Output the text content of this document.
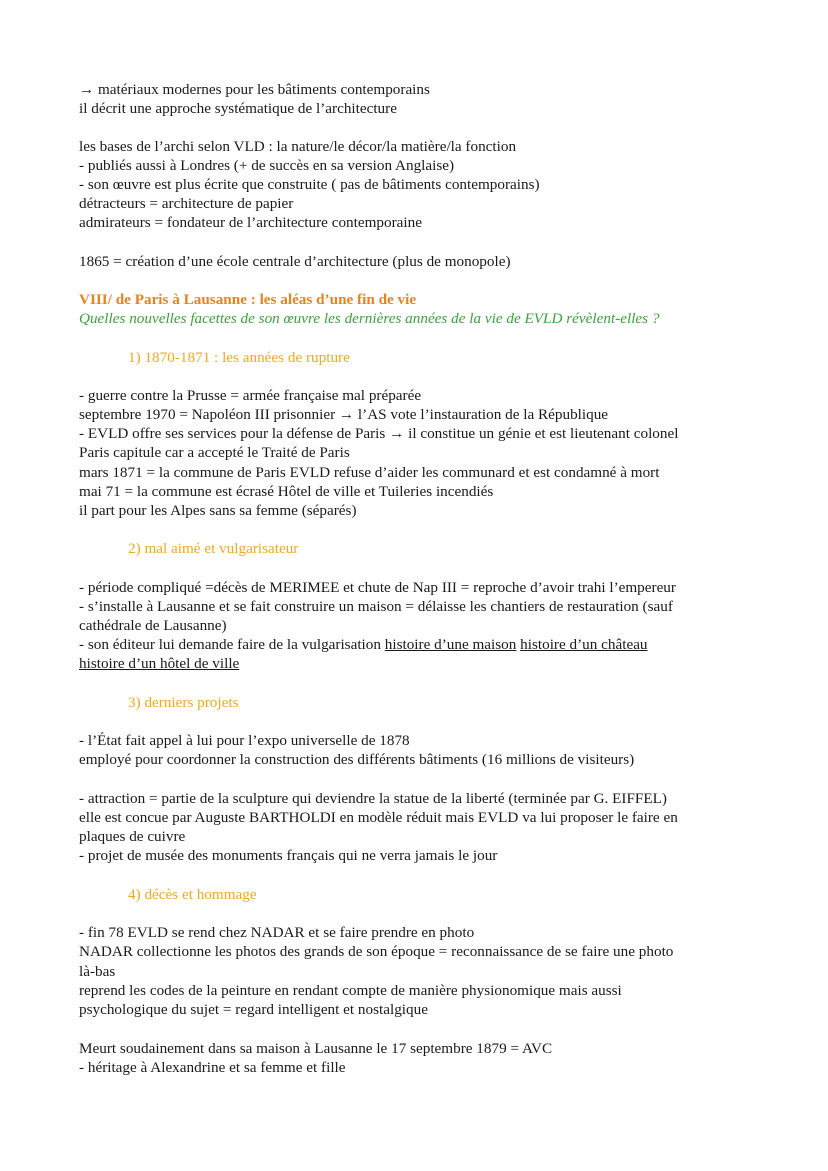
→ matériaux modernes pour les bâtiments contemporains
il décrit une approche systématique de l’architecture
les bases de l’archi selon VLD : la nature/le décor/la matière/la fonction
- publiés aussi à Londres (+ de succès en sa version Anglaise)
- son œuvre est plus écrite que construite ( pas de bâtiments contemporains)
détracteurs = architecture de papier
admirateurs = fondateur de l’architecture contemporaine
1865 = création d’une école centrale d’architecture (plus de monopole)
VIII/ de Paris à Lausanne : les aléas d’une fin de vie
Quelles nouvelles facettes de son œuvre les dernières années de la vie de EVLD révèlent-elles ?
1) 1870-1871 : les années de rupture
- guerre contre la Prusse = armée française mal préparée
septembre 1970 = Napoléon III prisonnier → l’AS vote l’instauration de la République
- EVLD offre ses services pour la défense de Paris → il constitue un génie et est lieutenant colonel
Paris capitule car a accepté le Traité de Paris
mars 1871 = la commune de Paris EVLD refuse d’aider les communard et est condamné à mort
mai 71 = la commune est écrasé Hôtel de ville et Tuileries incendiés
il part pour les Alpes sans sa femme (séparés)
2) mal aimé et vulgarisateur
- période compliqué =décès de MERIMEE et chute de Nap III = reproche d’avoir trahi l’empereur
- s’installe à Lausanne et se fait construire un maison = délaisse les chantiers de restauration (sauf
cathédrale de Lausanne)
- son éditeur lui demande faire de la vulgarisation histoire d’une maison histoire d’un château
histoire d’un hôtel de ville
3) derniers projets
- l’État fait appel à lui pour l’expo universelle de 1878
employé pour coordonner la construction des différents bâtiments (16 millions de visiteurs)
- attraction = partie de la sculpture qui deviendre la statue de la liberté (terminée par G. EIFFEL)
elle est concue par Auguste BARTHOLDI en modèle réduit mais EVLD va lui proposer le faire en
plaques de cuivre
- projet de musée des monuments français qui ne verra jamais le jour
4) décès et hommage
- fin 78 EVLD se rend chez NADAR et se faire prendre en photo
NADAR collectionne les photos des grands de son époque = reconnaissance de se faire une photo
là-bas
reprend les codes de la peinture en rendant compte de manière physionomique mais aussi
psychologique du sujet = regard intelligent et nostalgique
Meurt soudainement dans sa maison à Lausanne le 17 septembre 1879 = AVC
- héritage à Alexandrine et sa femme et fille
